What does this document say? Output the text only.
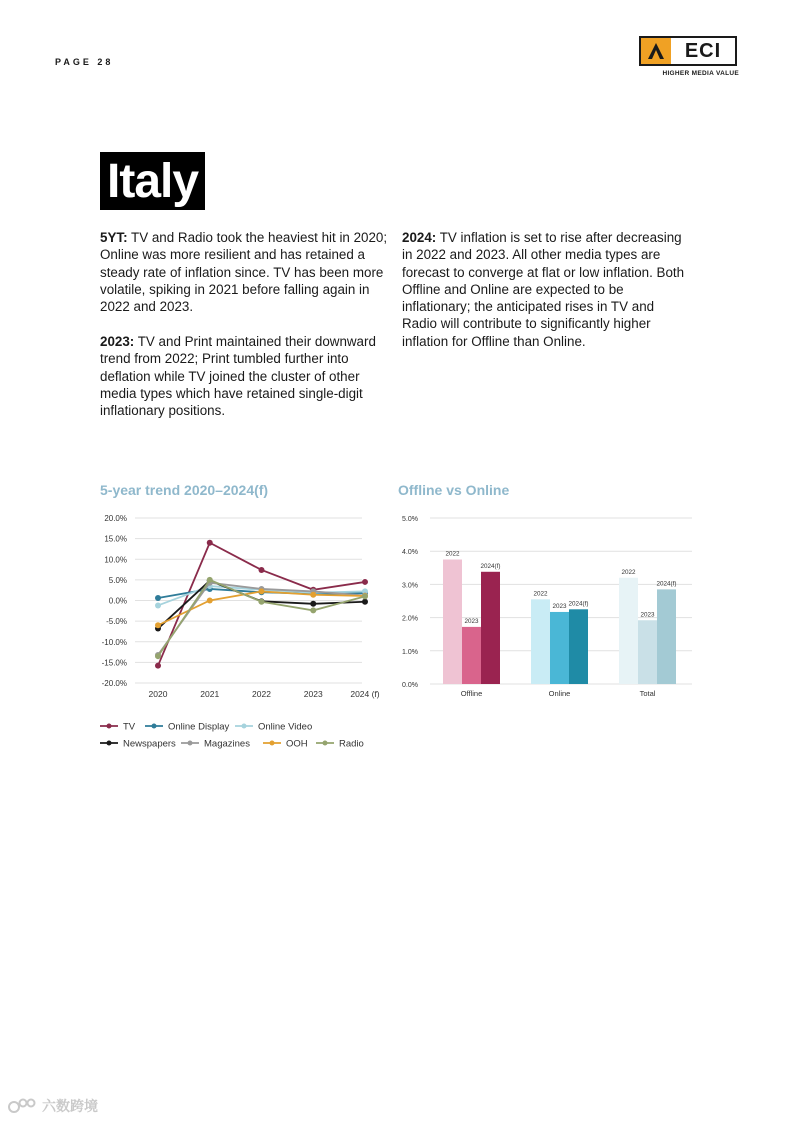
PAGE 28
ECI
HIGHER MEDIA VALUE
Italy

5YT: TV and Radio took the heaviest hit in 2020; Online was more resilient and has retained a steady rate of inflation since. TV has been more volatile, spiking in 2021 before falling again in 2022 and 2023.

2023: TV and Print maintained their downward trend from 2022; Print tumbled further into deflation while TV joined the cluster of other media types which have retained single-digit inflationary positions.

2024: TV inflation is set to rise after decreasing in 2022 and 2023. All other media types are forecast to converge at flat or low inflation. Both Offline and Online are expected to be inflationary; the anticipated rises in TV and Radio will contribute to significantly higher inflation for Offline than Online.

5-year trend 2020–2024(f)	Offline vs Online
20.0%
15.0%
10.0%
5.0%
0.0%
-5.0%
-10.0%
-15.0%
-20.0%
2020	2021	2022	2023	2024 (f)
TV	Online Display	Online Video
Newspapers	Magazines	OOH	Radio
5.0%
4.0%
3.0%
2.0%
1.0%
0.0%
2022
2023
2024(f)
Offline
2022
2023 2024(f)
Online
2022
2023
2024(f)
Total
六数跨境
